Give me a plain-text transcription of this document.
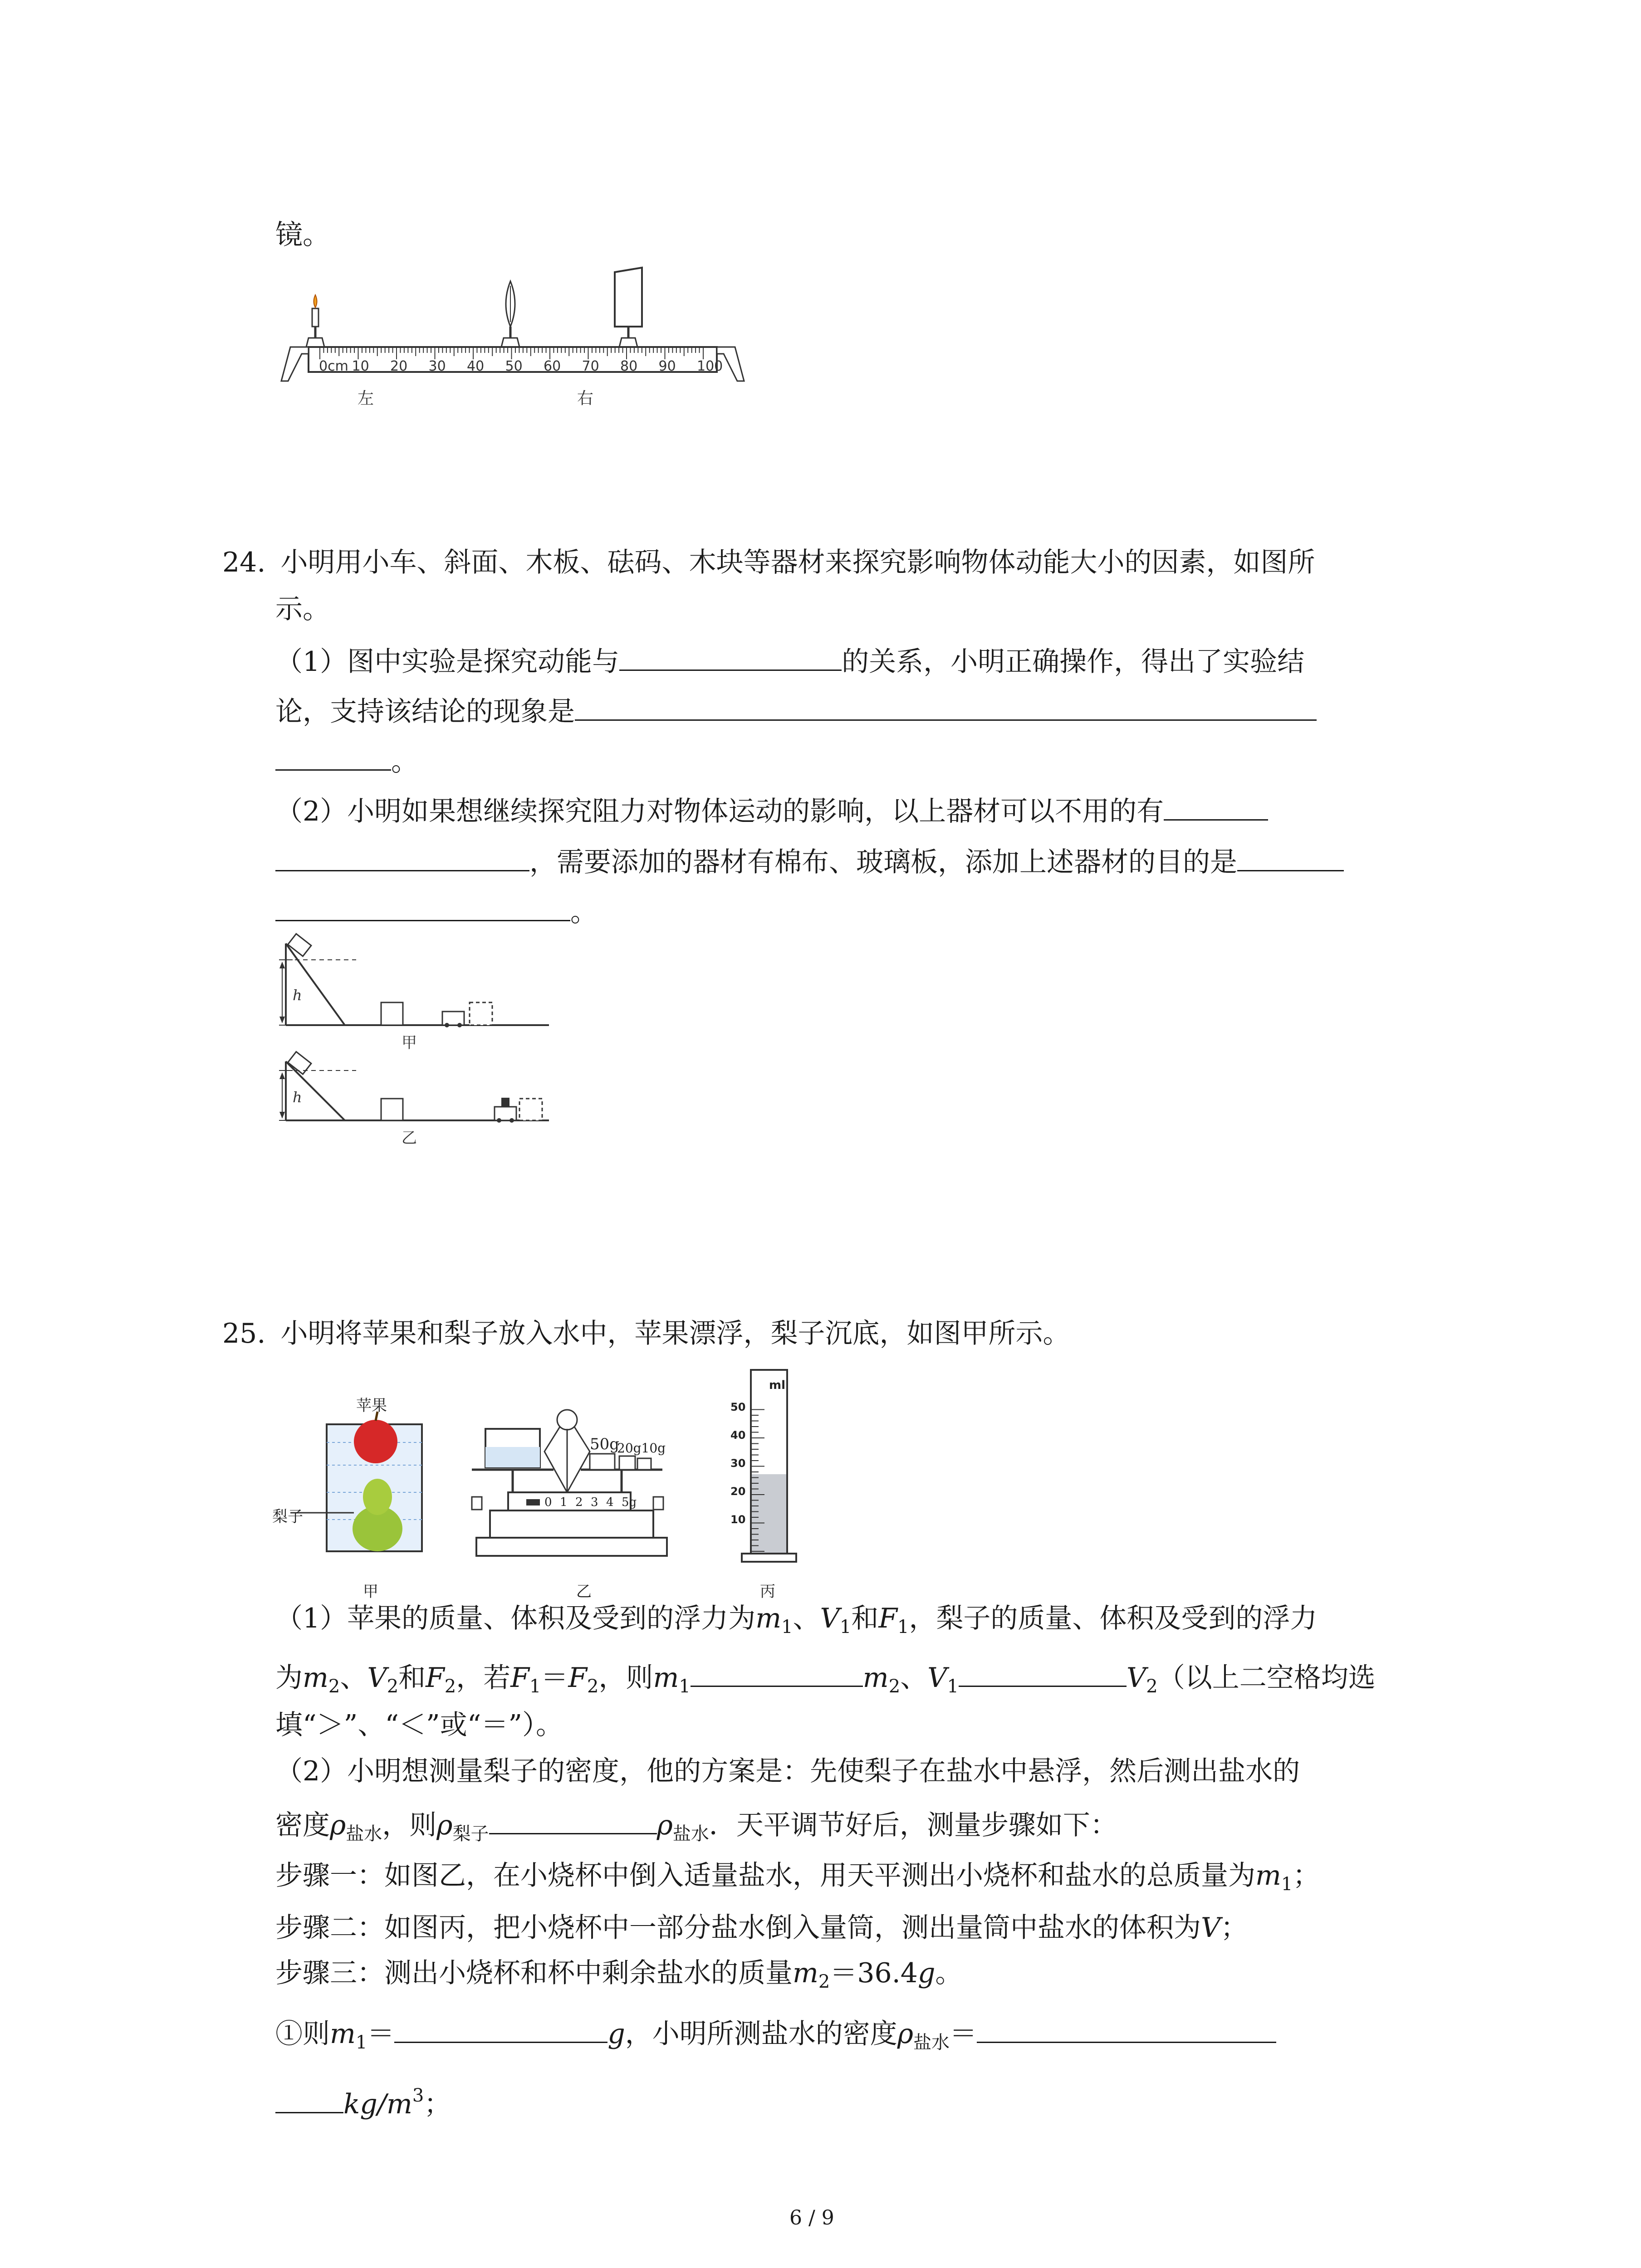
镜。
0cm 10 20 30 40 50 60 70 80 90 100
左	右
24. 小明用小车、斜面、木板、砝码、木块等器材来探究影响物体动能大小的因素，如图所
示。
（1）图中实验是探究动能与	的关系，小明正确操作，得出了实验结
论，支持该结论的现象是
。
（2）小明如果想继续探究阻力对物体运动的影响，以上器材可以不用的有
，需要添加的器材有棉布、玻璃板，添加上述器材的目的是
。
h
甲
h
乙
25. 小明将苹果和梨子放入水中，苹果漂浮，梨子沉底，如图甲所示。
苹果
梨子
50g
20g10g
0 1 2 3 4 5g
50
40
30
20
10
ml
甲	乙	丙
（1）苹果的质量、体积及受到的浮力为$m_1$、$V_1$和$F_1$，梨子的质量、体积及受到的浮力
为$m_2$、$V_2$和$F_2$，若$F_1=F_2$，则$m_1$	$m_2$、$V_1$	$V_2$（以上二空格均选
填“＞”、“＜”或“＝”）。
（2）小明想测量梨子的密度，他的方案是：先使梨子在盐水中悬浮，然后测出盐水的
密度$\rho_{盐水}$，则$\rho_{梨子}$	$\rho_{盐水}$．天平调节好后，测量步骤如下：
步骤一：如图乙，在小烧杯中倒入适量盐水，用天平测出小烧杯和盐水的总质量为$m_1$；
步骤二：如图丙，把小烧杯中一部分盐水倒入量筒，测出量筒中盐水的体积为V；
步骤三：测出小烧杯和杯中剩余盐水的质量$m_2=36.4g$。
①则$m_1=$	g，小明所测盐水的密度$\rho_{盐水}=$
$kg/m^3$；
6 / 9
